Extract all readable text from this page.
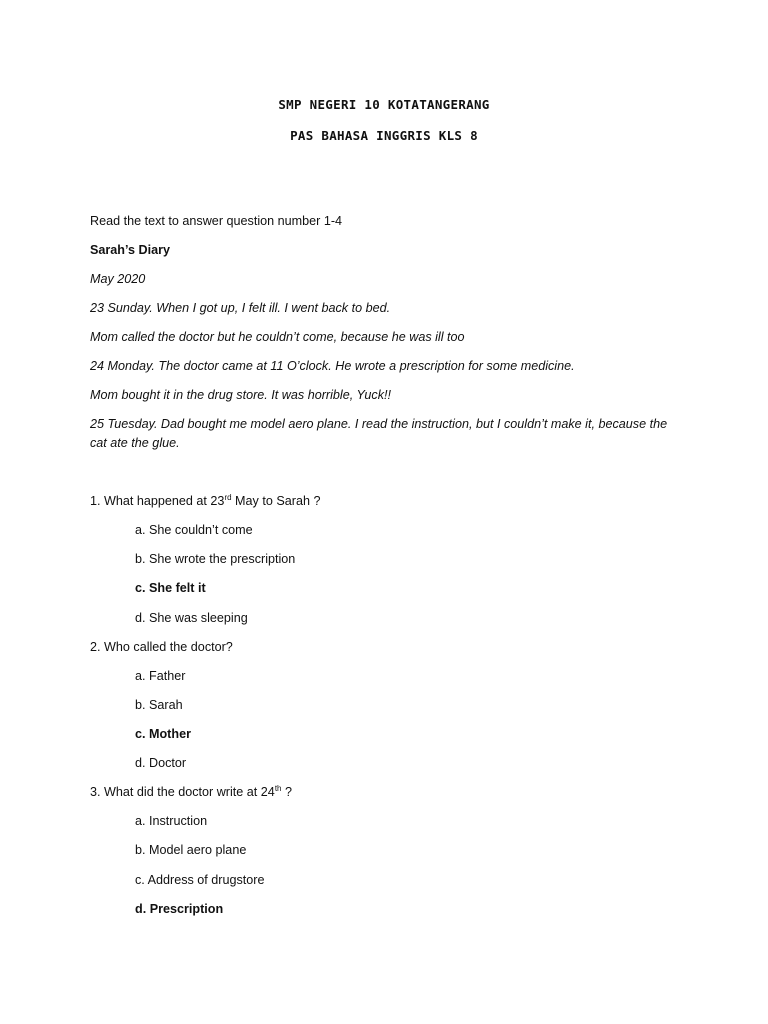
SMP NEGERI 10 KOTATANGERANG
PAS BAHASA INGGRIS KLS 8
Read the text to answer question number 1-4
Sarah’s Diary
May 2020
23 Sunday. When I got up, I felt ill. I went back to bed.
Mom called the doctor but he couldn’t come, because he was ill too
24 Monday. The doctor came at 11 O’clock. He wrote a prescription for some medicine.
Mom bought it in the drug store. It was horrible, Yuck!!
25 Tuesday. Dad bought me model aero plane. I read the instruction, but I couldn’t make it, because the cat ate the glue.
1. What happened at 23rd May to Sarah ?
a. She couldn’t come
b. She wrote the prescription
c. She felt it
d. She was sleeping
2. Who called the doctor?
a. Father
b. Sarah
c. Mother
d. Doctor
3. What did the doctor write at 24th ?
a. Instruction
b. Model aero plane
c. Address of drugstore
d. Prescription
